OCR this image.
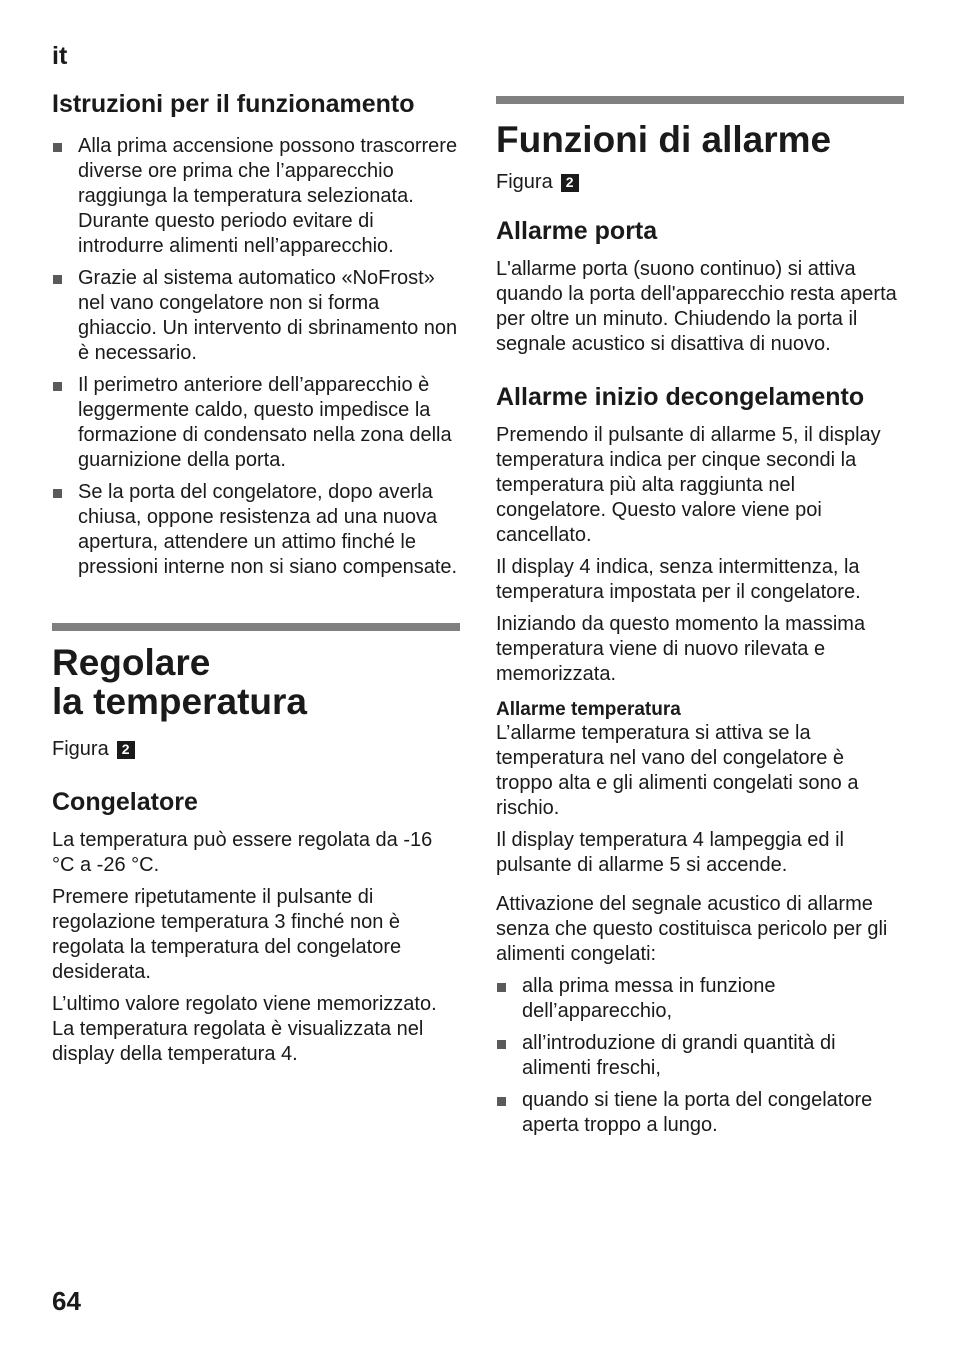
it
Istruzioni per il funzionamento
Alla prima accensione possono trascorrere diverse ore prima che l’apparecchio raggiunga la temperatura selezionata. Durante questo periodo evitare di introdurre alimenti nell’apparecchio.
Grazie al sistema automatico «NoFrost» nel vano congelatore non si forma ghiaccio. Un intervento di sbrinamento non è necessario.
Il perimetro anteriore dell’apparecchio è leggermente caldo, questo impedisce la formazione di condensato nella zona della guarnizione della porta.
Se la porta del congelatore, dopo averla chiusa, oppone resistenza ad una nuova apertura, attendere un attimo finché le pressioni interne non si siano compensate.
Regolare
la temperatura
Figura 2
Congelatore

La temperatura può essere regolata da -16 °C a -26 °C.

Premere ripetutamente il pulsante di regolazione temperatura 3 finché non è regolata la temperatura del congelatore desiderata.

L’ultimo valore regolato viene memorizzato. La temperatura regolata è visualizzata nel display della temperatura 4.

Funzioni di allarme
Figura 2
Allarme porta

L'allarme porta (suono continuo) si attiva quando la porta dell'apparecchio resta aperta per oltre un minuto. Chiudendo la porta il segnale acustico si disattiva di nuovo.

Allarme inizio decongelamento

Premendo il pulsante di allarme 5, il display temperatura indica per cinque secondi la temperatura più alta raggiunta nel congelatore. Questo valore viene poi cancellato.

Il display 4 indica, senza intermittenza, la temperatura impostata per il congelatore.

Iniziando da questo momento la massima temperatura viene di nuovo rilevata e memorizzata.

Allarme temperatura

L’allarme temperatura si attiva se la temperatura nel vano del congelatore è troppo alta e gli alimenti congelati sono a rischio.

Il display temperatura 4 lampeggia ed il pulsante di allarme 5 si accende.

Attivazione del segnale acustico di allarme senza che questo costituisca pericolo per gli alimenti congelati:

alla prima messa in funzione dell’apparecchio,
all’introduzione di grandi quantità di alimenti freschi,
quando si tiene la porta del congelatore aperta troppo a lungo.
64
